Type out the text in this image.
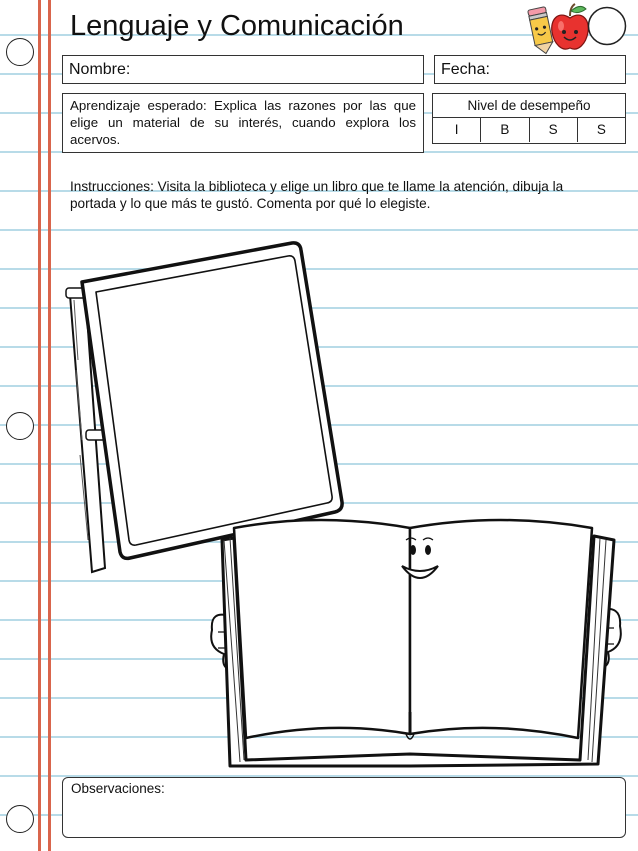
Lenguaje y Comunicación
Nombre:	Fecha:
Aprendizaje esperado: Explica las razones por las que elige un material de su interés, cuando explora los acervos.
Nivel de desempeño
I	B	S	S
Instrucciones: Visita la biblioteca y elige un libro que te llame la atención, dibuja la portada y lo que más te gustó. Comenta por qué lo elegiste.
Observaciones:
